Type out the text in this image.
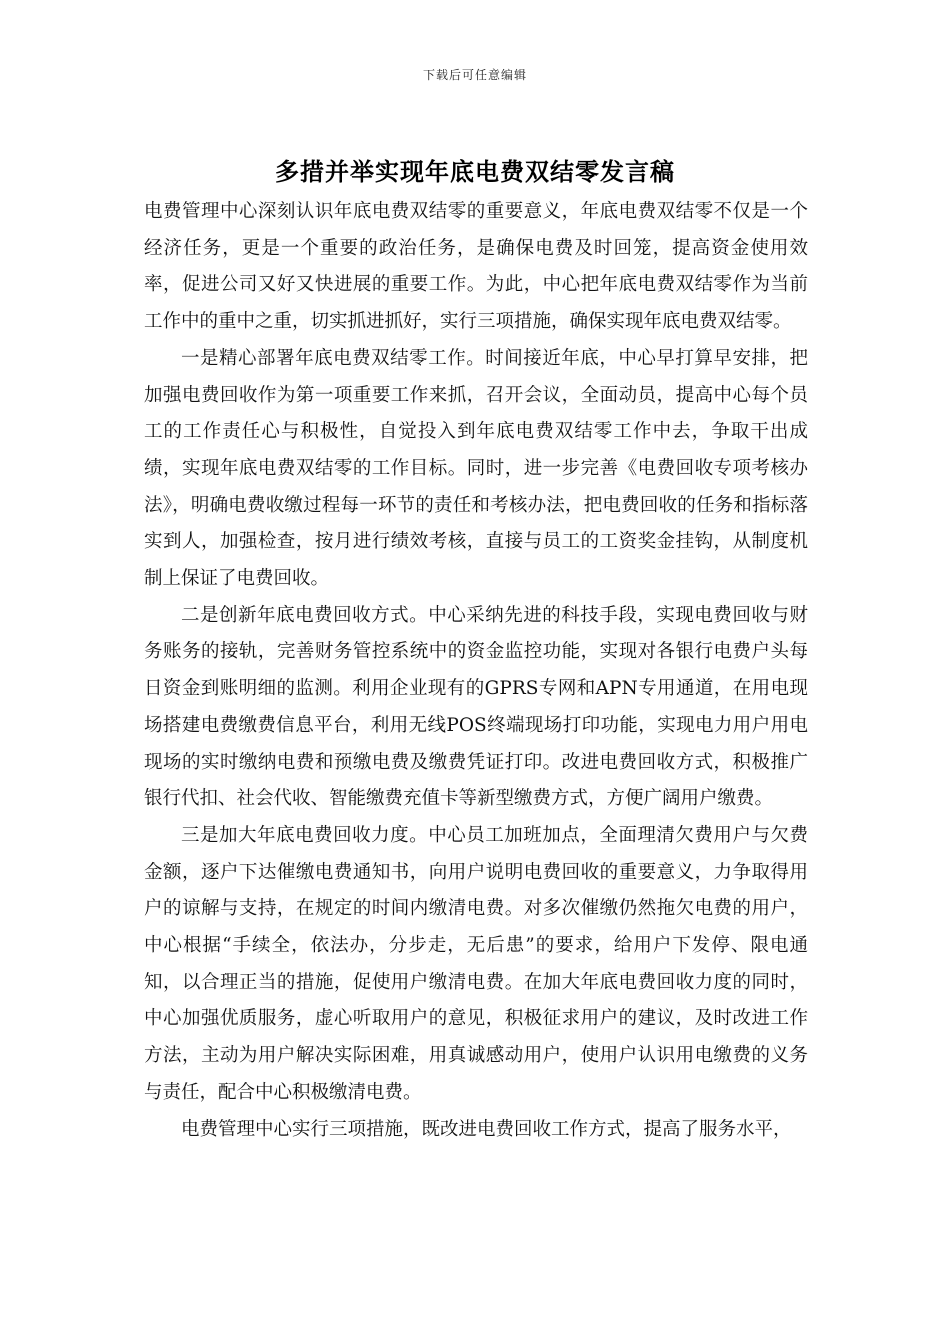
下载后可任意编辑
多措并举实现年底电费双结零发言稿

电费管理中心深刻认识年底电费双结零的重要意义，年底电费双结零不仅是一个经济任务，更是一个重要的政治任务，是确保电费及时回笼，提高资金使用效率，促进公司又好又快进展的重要工作。为此，中心把年底电费双结零作为当前工作中的重中之重，切实抓进抓好，实行三项措施，确保实现年底电费双结零。

一是精心部署年底电费双结零工作。时间接近年底，中心早打算早安排，把加强电费回收作为第一项重要工作来抓，召开会议，全面动员，提高中心每个员工的工作责任心与积极性，自觉投入到年底电费双结零工作中去，争取干出成绩，实现年底电费双结零的工作目标。同时，进一步完善《电费回收专项考核办法》，明确电费收缴过程每一环节的责任和考核办法，把电费回收的任务和指标落实到人，加强检查，按月进行绩效考核，直接与员工的工资奖金挂钩，从制度机制上保证了电费回收。

二是创新年底电费回收方式。中心采纳先进的科技手段，实现电费回收与财务账务的接轨，完善财务管控系统中的资金监控功能，实现对各银行电费户头每日资金到账明细的监测。利用企业现有的GPRS专网和APN专用通道，在用电现场搭建电费缴费信息平台，利用无线POS终端现场打印功能，实现电力用户用电现场的实时缴纳电费和预缴电费及缴费凭证打印。改进电费回收方式，积极推广银行代扣、社会代收、智能缴费充值卡等新型缴费方式，方便广阔用户缴费。

三是加大年底电费回收力度。中心员工加班加点，全面理清欠费用户与欠费金额，逐户下达催缴电费通知书，向用户说明电费回收的重要意义，力争取得用户的谅解与支持，在规定的时间内缴清电费。对多次催缴仍然拖欠电费的用户，中心根据“手续全，依法办，分步走，无后患”的要求，给用户下发停、限电通知，以合理正当的措施，促使用户缴清电费。在加大年底电费回收力度的同时，中心加强优质服务，虚心听取用户的意见，积极征求用户的建议，及时改进工作方法，主动为用户解决实际困难，用真诚感动用户，使用户认识用电缴费的义务与责任，配合中心积极缴清电费。

电费管理中心实行三项措施，既改进电费回收工作方式，提高了服务水平，
